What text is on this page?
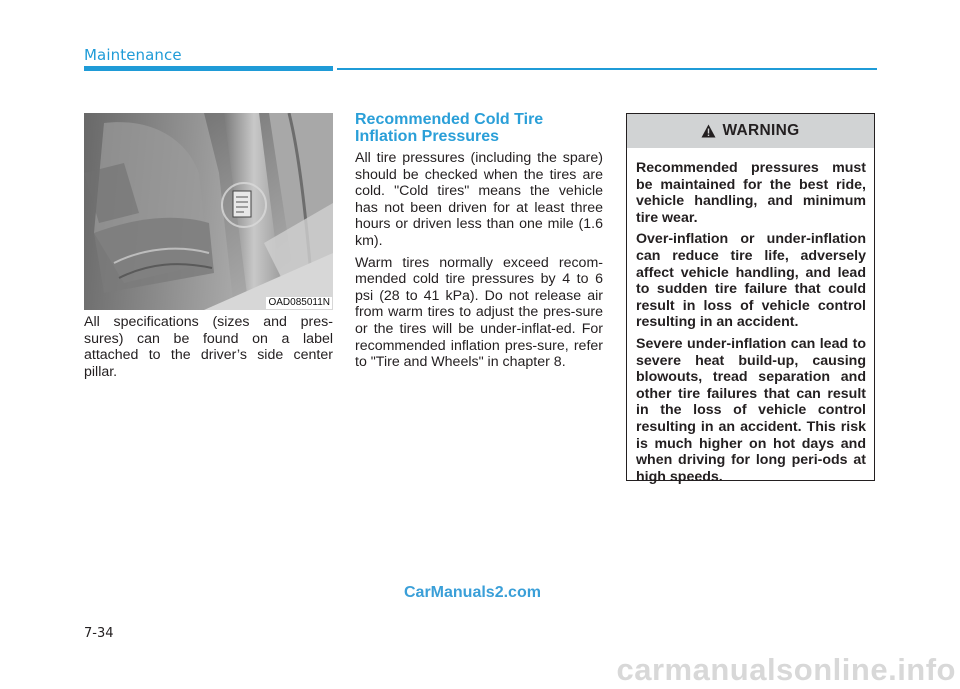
Maintenance
OAD085011N

All specifications (sizes and pres-sures) can be found on a label attached to the driver’s side center pillar.

Recommended Cold Tire
Inflation Pressures

All tire pressures (including the spare) should be checked when the tires are cold. "Cold tires" means the vehicle has not been driven for at least three hours or driven less than one mile (1.6 km).

Warm tires normally exceed recom-mended cold tire pressures by 4 to 6 psi (28 to 41 kPa). Do not release air from warm tires to adjust the pres-sure or the tires will be under-inflat-ed. For recommended inflation pres-sure, refer to "Tire and Wheels" in chapter 8.

WARNING

Recommended pressures must be maintained for the best ride, vehicle handling, and minimum tire wear.

Over-inflation or under-inflation can reduce tire life, adversely affect vehicle handling, and lead to sudden tire failure that could result in loss of vehicle control resulting in an accident.

Severe under-inflation can lead to severe heat build-up, causing blowouts, tread separation and other tire failures that can result in the loss of vehicle control resulting in an accident. This risk is much higher on hot days and when driving for long peri-ods at high speeds.

CarManuals2.com
7-34
carmanualsonline.info
